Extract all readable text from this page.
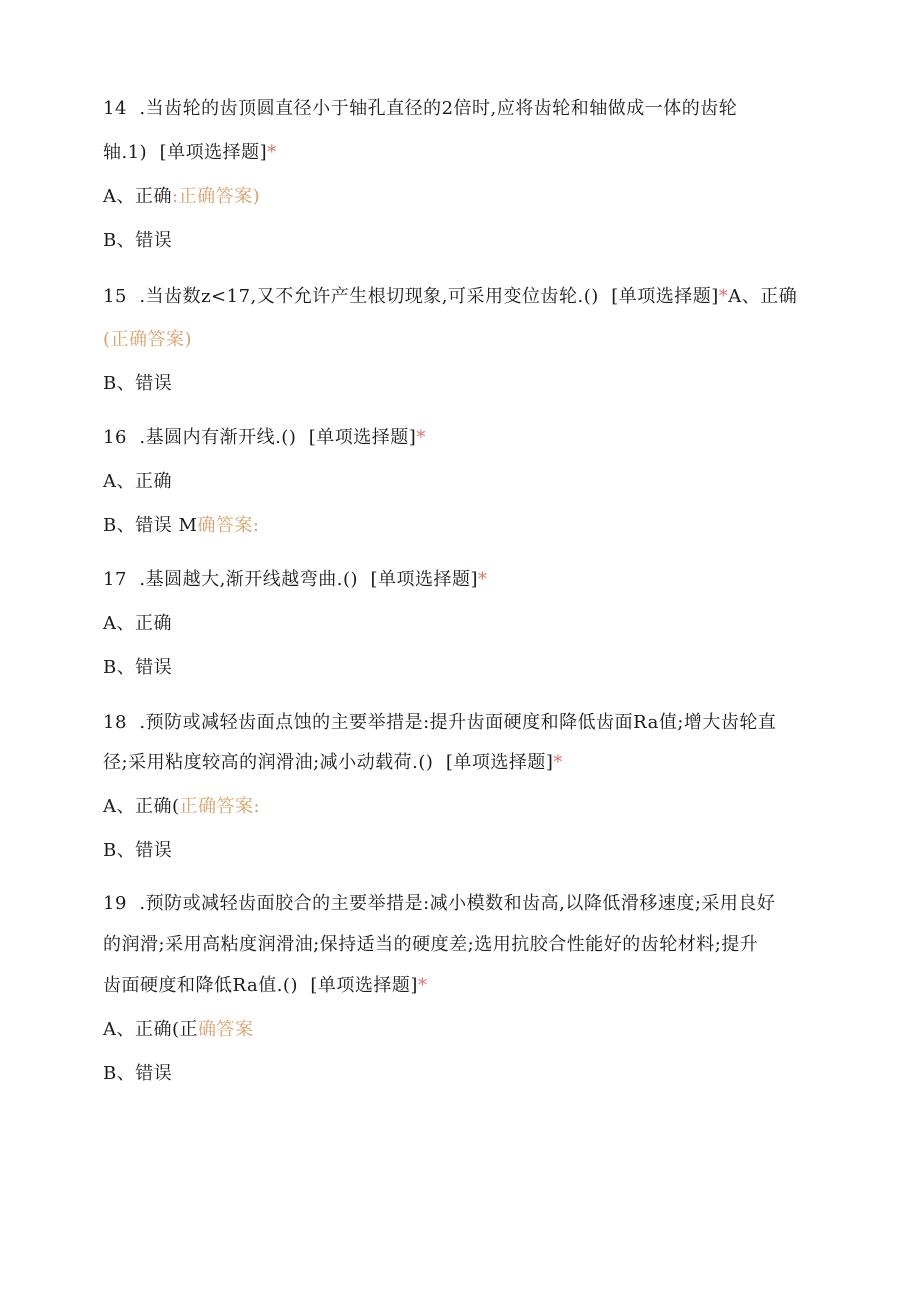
14  .当齿轮的齿顶圆直径小于轴孔直径的2倍时,应将齿轮和轴做成一体的齿轮
轴.1)  [单项选择题]*
A、正确:正确答案)
B、错误
15  .当齿数z<17,又不允许产生根切现象,可采用变位齿轮.()  [单项选择题]*A、正确
(正确答案)
B、错误
16  .基圆内有渐开线.()  [单项选择题]*
A、正确
B、错误 M确答案:
17  .基圆越大,渐开线越弯曲.()  [单项选择题]*
A、正确
B、错误
18  .预防或减轻齿面点蚀的主要举措是:提升齿面硬度和降低齿面Ra值;增大齿轮直
径;采用粘度较高的润滑油;减小动载荷.()  [单项选择题]*
A、正确(正确答案:
B、错误
19  .预防或减轻齿面胶合的主要举措是:减小模数和齿高,以降低滑移速度;采用良好
的润滑;采用高粘度润滑油;保持适当的硬度差;选用抗胶合性能好的齿轮材料;提升
齿面硬度和降低Ra值.()  [单项选择题]*
A、正确(正确答案
B、错误
